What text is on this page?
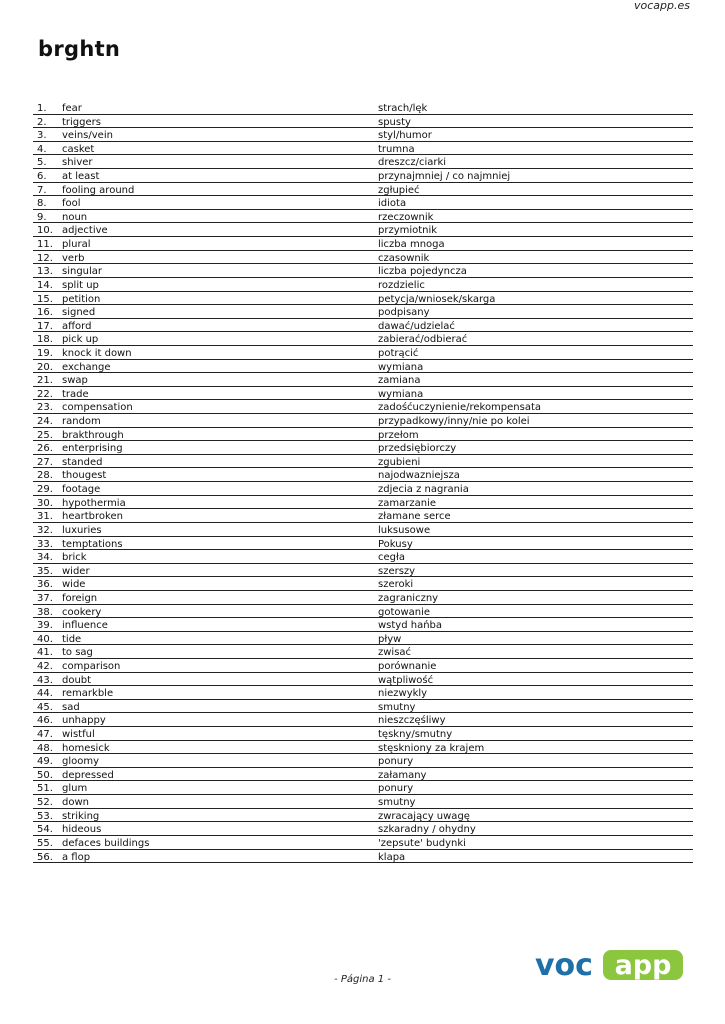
vocapp.es
brghtn
1.	fear	strach/lęk
2.	triggers	spusty
3.	veins/vein	styl/humor
4.	casket	trumna
5.	shiver	dreszcz/ciarki
6.	at least	przynajmniej / co najmniej
7.	fooling around	zgłupieć
8.	fool	idiota
9.	noun	rzeczownik
10. adjective	przymiotnik
11. plural	liczba mnoga
12. verb	czasownik
13. singular	liczba pojedyncza
14. split up	rozdzielic
15. petition	petycja/wniosek/skarga
16. signed	podpisany
17. afford	dawać/udzielać
18. pick up	zabierać/odbierać
19. knock it down	potrącić
20. exchange	wymiana
21. swap	zamiana
22. trade	wymiana
23. compensation	zadośćuczynienie/rekompensata
24. random	przypadkowy/inny/nie po kolei
25. brakthrough	przełom
26. enterprising	przedsiębiorczy
27. standed	zgubieni
28. thougest	najodwazniejsza
29. footage	zdjecia z nagrania
30. hypothermia	zamarzanie
31. heartbroken	złamane serce
32. luxuries	luksusowe
33. temptations	Pokusy
34. brick	cegła
35. wider	szerszy
36. wide	szeroki
37. foreign	zagraniczny
38. cookery	gotowanie
39. influence	wstyd hańba
40. tide	pływ
41. to sag	zwisać
42. comparison	porównanie
43. doubt	wątpliwość
44. remarkble	niezwykly
45. sad	smutny
46. unhappy	nieszczęśliwy
47. wistful	tęskny/smutny
48. homesick	stęskniony za krajem
49. gloomy	ponury
50. depressed	załamany
51. glum	ponury
52. down	smutny
53. striking	zwracający uwagę
54. hideous	szkaradny / ohydny
55. defaces buildings	'zepsute' budynki
56. a flop	klapa
voc app
- Página 1 -
